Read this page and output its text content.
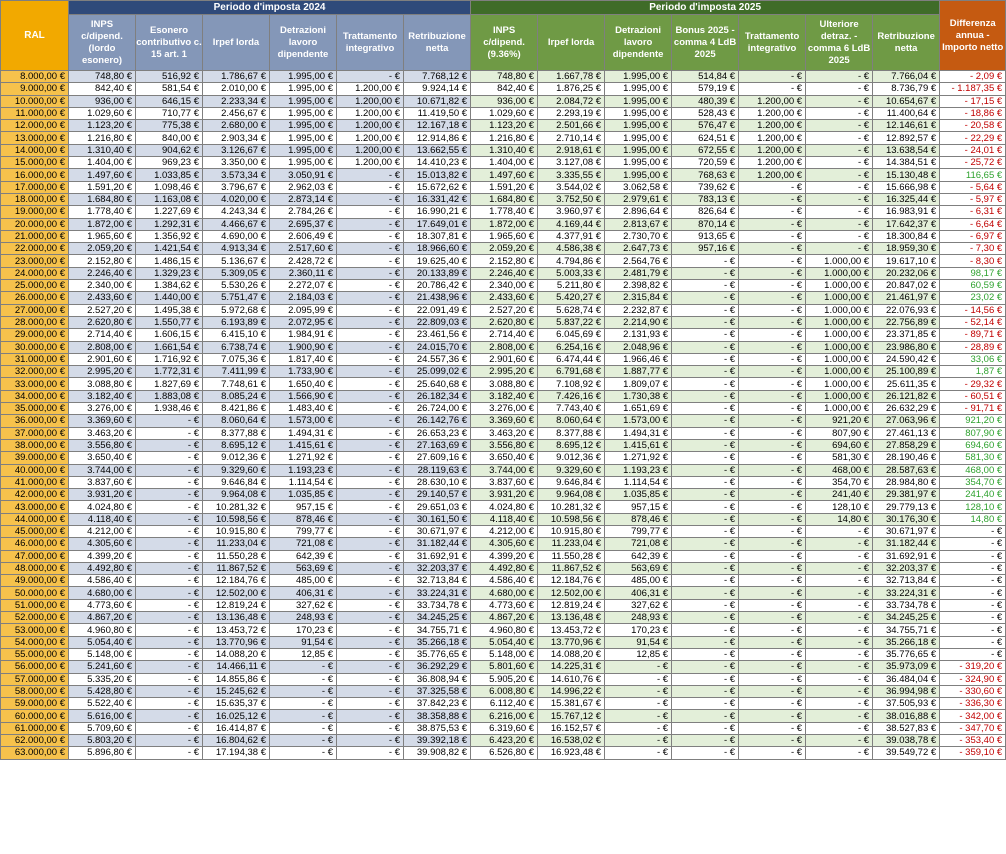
RAL	Periodo d'imposta 2024						Periodo d'imposta 2025							Differenza annua - Importo netto
	INPS c/dipend. (lordo esonero)	Esonero contributivo c. 15 art. 1	Irpef lorda	Detrazioni lavoro dipendente	Trattamento integrativo	Retribuzione netta	INPS c/dipend. (9.36%)	Irpef lorda	Detrazioni lavoro dipendente	Bonus 2025 - comma 4 LdB 2025	Trattamento integrativo	Ulteriore detraz. - comma 6 LdB 2025	Retribuzione netta	
8.000,00 €	748,80 €	516,92 €	1.786,67 €	1.995,00 €	- €	7.768,12 €	748,80 €	1.667,78 €	1.995,00 €	514,84 €	- €	- €	7.766,04 €	- 2,09 €
9.000,00 €	842,40 €	581,54 €	2.010,00 €	1.995,00 €	1.200,00 €	9.924,14 €	842,40 €	1.876,25 €	1.995,00 €	579,19 €	- €	- €	8.736,79 €	- 1.187,35 €
10.000,00 €	936,00 €	646,15 €	2.233,34 €	1.995,00 €	1.200,00 €	10.671,82 €	936,00 €	2.084,72 €	1.995,00 €	480,39 €	1.200,00 €	- €	10.654,67 €	- 17,15 €
11.000,00 €	1.029,60 €	710,77 €	2.456,67 €	1.995,00 €	1.200,00 €	11.419,50 €	1.029,60 €	2.293,19 €	1.995,00 €	528,43 €	1.200,00 €	- €	11.400,64 €	- 18,86 €
12.000,00 €	1.123,20 €	775,38 €	2.680,00 €	1.995,00 €	1.200,00 €	12.167,18 €	1.123,20 €	2.501,66 €	1.995,00 €	576,47 €	1.200,00 €	- €	12.146,61 €	- 20,58 €
13.000,00 €	1.216,80 €	840,00 €	2.903,34 €	1.995,00 €	1.200,00 €	12.914,86 €	1.216,80 €	2.710,14 €	1.995,00 €	624,51 €	1.200,00 €	- €	12.892,57 €	- 22,29 €
14.000,00 €	1.310,40 €	904,62 €	3.126,67 €	1.995,00 €	1.200,00 €	13.662,55 €	1.310,40 €	2.918,61 €	1.995,00 €	672,55 €	1.200,00 €	- €	13.638,54 €	- 24,01 €
15.000,00 €	1.404,00 €	969,23 €	3.350,00 €	1.995,00 €	1.200,00 €	14.410,23 €	1.404,00 €	3.127,08 €	1.995,00 €	720,59 €	1.200,00 €	- €	14.384,51 €	- 25,72 €
16.000,00 €	1.497,60 €	1.033,85 €	3.573,34 €	3.050,91 €	- €	15.013,82 €	1.497,60 €	3.335,55 €	1.995,00 €	768,63 €	1.200,00 €	- €	15.130,48 €	116,65 €
17.000,00 €	1.591,20 €	1.098,46 €	3.796,67 €	2.962,03 €	- €	15.672,62 €	1.591,20 €	3.544,02 €	3.062,58 €	739,62 €	- €	- €	15.666,98 €	- 5,64 €
18.000,00 €	1.684,80 €	1.163,08 €	4.020,00 €	2.873,14 €	- €	16.331,42 €	1.684,80 €	3.752,50 €	2.979,61 €	783,13 €	- €	- €	16.325,44 €	- 5,97 €
19.000,00 €	1.778,40 €	1.227,69 €	4.243,34 €	2.784,26 €	- €	16.990,21 €	1.778,40 €	3.960,97 €	2.896,64 €	826,64 €	- €	- €	16.983,91 €	- 6,31 €
20.000,00 €	1.872,00 €	1.292,31 €	4.466,67 €	2.695,37 €	- €	17.649,01 €	1.872,00 €	4.169,44 €	2.813,67 €	870,14 €	- €	- €	17.642,37 €	- 6,64 €
21.000,00 €	1.965,60 €	1.356,92 €	4.690,00 €	2.606,49 €	- €	18.307,81 €	1.965,60 €	4.377,91 €	2.730,70 €	913,65 €	- €	- €	18.300,84 €	- 6,97 €
22.000,00 €	2.059,20 €	1.421,54 €	4.913,34 €	2.517,60 €	- €	18.966,60 €	2.059,20 €	4.586,38 €	2.647,73 €	957,16 €	- €	- €	18.959,30 €	- 7,30 €
23.000,00 €	2.152,80 €	1.486,15 €	5.136,67 €	2.428,72 €	- €	19.625,40 €	2.152,80 €	4.794,86 €	2.564,76 €	- €	- €	1.000,00 €	19.617,10 €	- 8,30 €
24.000,00 €	2.246,40 €	1.329,23 €	5.309,05 €	2.360,11 €	- €	20.133,89 €	2.246,40 €	5.003,33 €	2.481,79 €	- €	- €	1.000,00 €	20.232,06 €	98,17 €
25.000,00 €	2.340,00 €	1.384,62 €	5.530,26 €	2.272,07 €	- €	20.786,42 €	2.340,00 €	5.211,80 €	2.398,82 €	- €	- €	1.000,00 €	20.847,02 €	60,59 €
26.000,00 €	2.433,60 €	1.440,00 €	5.751,47 €	2.184,03 €	- €	21.438,96 €	2.433,60 €	5.420,27 €	2.315,84 €	- €	- €	1.000,00 €	21.461,97 €	23,02 €
27.000,00 €	2.527,20 €	1.495,38 €	5.972,68 €	2.095,99 €	- €	22.091,49 €	2.527,20 €	5.628,74 €	2.232,87 €	- €	- €	1.000,00 €	22.076,93 €	- 14,56 €
28.000,00 €	2.620,80 €	1.550,77 €	6.193,89 €	2.072,95 €	- €	22.809,03 €	2.620,80 €	5.837,22 €	2.214,90 €	- €	- €	1.000,00 €	22.756,89 €	- 52,14 €
29.000,00 €	2.714,40 €	1.606,15 €	6.415,10 €	1.984,91 €	- €	23.461,56 €	2.714,40 €	6.045,69 €	2.131,93 €	- €	- €	1.000,00 €	23.371,85 €	- 89,71 €
30.000,00 €	2.808,00 €	1.661,54 €	6.738,74 €	1.900,90 €	- €	24.015,70 €	2.808,00 €	6.254,16 €	2.048,96 €	- €	- €	1.000,00 €	23.986,80 €	- 28,89 €
31.000,00 €	2.901,60 €	1.716,92 €	7.075,36 €	1.817,40 €	- €	24.557,36 €	2.901,60 €	6.474,44 €	1.966,46 €	- €	- €	1.000,00 €	24.590,42 €	33,06 €
32.000,00 €	2.995,20 €	1.772,31 €	7.411,99 €	1.733,90 €	- €	25.099,02 €	2.995,20 €	6.791,68 €	1.887,77 €	- €	- €	1.000,00 €	25.100,89 €	1,87 €
33.000,00 €	3.088,80 €	1.827,69 €	7.748,61 €	1.650,40 €	- €	25.640,68 €	3.088,80 €	7.108,92 €	1.809,07 €	- €	- €	1.000,00 €	25.611,35 €	- 29,32 €
34.000,00 €	3.182,40 €	1.883,08 €	8.085,24 €	1.566,90 €	- €	26.182,34 €	3.182,40 €	7.426,16 €	1.730,38 €	- €	- €	1.000,00 €	26.121,82 €	- 60,51 €
35.000,00 €	3.276,00 €	1.938,46 €	8.421,86 €	1.483,40 €	- €	26.724,00 €	3.276,00 €	7.743,40 €	1.651,69 €	- €	- €	1.000,00 €	26.632,29 €	- 91,71 €
36.000,00 €	3.369,60 €	- €	8.060,64 €	1.573,00 €	- €	26.142,76 €	3.369,60 €	8.060,64 €	1.573,00 €	- €	- €	921,20 €	27.063,96 €	921,20 €
37.000,00 €	3.463,20 €	- €	8.377,88 €	1.494,31 €	- €	26.653,23 €	3.463,20 €	8.377,88 €	1.494,31 €	- €	- €	807,90 €	27.461,13 €	807,90 €
38.000,00 €	3.556,80 €	- €	8.695,12 €	1.415,61 €	- €	27.163,69 €	3.556,80 €	8.695,12 €	1.415,61 €	- €	- €	694,60 €	27.858,29 €	694,60 €
39.000,00 €	3.650,40 €	- €	9.012,36 €	1.271,92 €	- €	27.609,16 €	3.650,40 €	9.012,36 €	1.271,92 €	- €	- €	581,30 €	28.190,46 €	581,30 €
40.000,00 €	3.744,00 €	- €	9.329,60 €	1.193,23 €	- €	28.119,63 €	3.744,00 €	9.329,60 €	1.193,23 €	- €	- €	468,00 €	28.587,63 €	468,00 €
41.000,00 €	3.837,60 €	- €	9.646,84 €	1.114,54 €	- €	28.630,10 €	3.837,60 €	9.646,84 €	1.114,54 €	- €	- €	354,70 €	28.984,80 €	354,70 €
42.000,00 €	3.931,20 €	- €	9.964,08 €	1.035,85 €	- €	29.140,57 €	3.931,20 €	9.964,08 €	1.035,85 €	- €	- €	241,40 €	29.381,97 €	241,40 €
43.000,00 €	4.024,80 €	- €	10.281,32 €	957,15 €	- €	29.651,03 €	4.024,80 €	10.281,32 €	957,15 €	- €	- €	128,10 €	29.779,13 €	128,10 €
44.000,00 €	4.118,40 €	- €	10.598,56 €	878,46 €	- €	30.161,50 €	4.118,40 €	10.598,56 €	878,46 €	- €	- €	14,80 €	30.176,30 €	14,80 €
45.000,00 €	4.212,00 €	- €	10.915,80 €	799,77 €	- €	30.671,97 €	4.212,00 €	10.915,80 €	799,77 €	- €	- €	- €	30.671,97 €	- €
46.000,00 €	4.305,60 €	- €	11.233,04 €	721,08 €	- €	31.182,44 €	4.305,60 €	11.233,04 €	721,08 €	- €	- €	- €	31.182,44 €	- €
47.000,00 €	4.399,20 €	- €	11.550,28 €	642,39 €	- €	31.692,91 €	4.399,20 €	11.550,28 €	642,39 €	- €	- €	- €	31.692,91 €	- €
48.000,00 €	4.492,80 €	- €	11.867,52 €	563,69 €	- €	32.203,37 €	4.492,80 €	11.867,52 €	563,69 €	- €	- €	- €	32.203,37 €	- €
49.000,00 €	4.586,40 €	- €	12.184,76 €	485,00 €	- €	32.713,84 €	4.586,40 €	12.184,76 €	485,00 €	- €	- €	- €	32.713,84 €	- €
50.000,00 €	4.680,00 €	- €	12.502,00 €	406,31 €	- €	33.224,31 €	4.680,00 €	12.502,00 €	406,31 €	- €	- €	- €	33.224,31 €	- €
51.000,00 €	4.773,60 €	- €	12.819,24 €	327,62 €	- €	33.734,78 €	4.773,60 €	12.819,24 €	327,62 €	- €	- €	- €	33.734,78 €	- €
52.000,00 €	4.867,20 €	- €	13.136,48 €	248,93 €	- €	34.245,25 €	4.867,20 €	13.136,48 €	248,93 €	- €	- €	- €	34.245,25 €	- €
53.000,00 €	4.960,80 €	- €	13.453,72 €	170,23 €	- €	34.755,71 €	4.960,80 €	13.453,72 €	170,23 €	- €	- €	- €	34.755,71 €	- €
54.000,00 €	5.054,40 €	- €	13.770,96 €	91,54 €	- €	35.266,18 €	5.054,40 €	13.770,96 €	91,54 €	- €	- €	- €	35.266,18 €	- €
55.000,00 €	5.148,00 €	- €	14.088,20 €	12,85 €	- €	35.776,65 €	5.148,00 €	14.088,20 €	12,85 €	- €	- €	- €	35.776,65 €	- €
56.000,00 €	5.241,60 €	- €	14.466,11 €	- €	- €	36.292,29 €	5.801,60 €	14.225,31 €	- €	- €	- €	- €	35.973,09 €	- 319,20 €
57.000,00 €	5.335,20 €	- €	14.855,86 €	- €	- €	36.808,94 €	5.905,20 €	14.610,76 €	- €	- €	- €	- €	36.484,04 €	- 324,90 €
58.000,00 €	5.428,80 €	- €	15.245,62 €	- €	- €	37.325,58 €	6.008,80 €	14.996,22 €	- €	- €	- €	- €	36.994,98 €	- 330,60 €
59.000,00 €	5.522,40 €	- €	15.635,37 €	- €	- €	37.842,23 €	6.112,40 €	15.381,67 €	- €	- €	- €	- €	37.505,93 €	- 336,30 €
60.000,00 €	5.616,00 €	- €	16.025,12 €	- €	- €	38.358,88 €	6.216,00 €	15.767,12 €	- €	- €	- €	- €	38.016,88 €	- 342,00 €
61.000,00 €	5.709,60 €	- €	16.414,87 €	- €	- €	38.875,53 €	6.319,60 €	16.152,57 €	- €	- €	- €	- €	38.527,83 €	- 347,70 €
62.000,00 €	5.803,20 €	- €	16.804,62 €	- €	- €	39.392,18 €	6.423,20 €	16.538,02 €	- €	- €	- €	- €	39.038,78 €	- 353,40 €
63.000,00 €	5.896,80 €	- €	17.194,38 €	- €	- €	39.908,82 €	6.526,80 €	16.923,48 €	- €	- €	- €	- €	39.549,72 €	- 359,10 €
